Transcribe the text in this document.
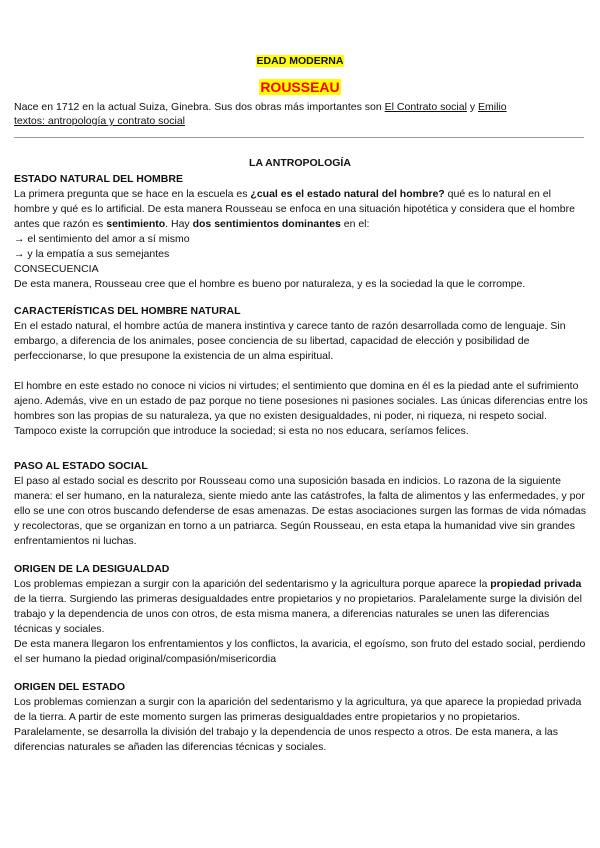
EDAD MODERNA
ROUSSEAU
Nace en 1712 en la actual Suiza, Ginebra. Sus dos obras más importantes son El Contrato social y Emilio
textos: antropología y contrato social
LA ANTROPOLOGÍA

ESTADO NATURAL DEL HOMBRE

La primera pregunta que se hace en la escuela es ¿cual es el estado natural del hombre? qué es lo natural en el hombre y qué es lo artificial. De esta manera Rousseau se enfoca en una situación hipotética y considera que el hombre antes que razón es sentimiento. Hay dos sentimientos dominantes en el:

→ el sentimiento del amor a sí mismo

→ y la empatía a sus semejantes

CONSECUENCIA

De esta manera, Rousseau cree que el hombre es bueno por naturaleza, y es la sociedad la que le corrompe.

CARACTERÍSTICAS DEL HOMBRE NATURAL

En el estado natural, el hombre actúa de manera instintiva y carece tanto de razón desarrollada como de lenguaje. Sin embargo, a diferencia de los animales, posee conciencia de su libertad, capacidad de elección y posibilidad de perfeccionarse, lo que presupone la existencia de un alma espiritual.

El hombre en este estado no conoce ni vicios ni virtudes; el sentimiento que domina en él es la piedad ante el sufrimiento ajeno. Además, vive en un estado de paz porque no tiene posesiones ni pasiones sociales. Las únicas diferencias entre los hombres son las propias de su naturaleza, ya que no existen desigualdades, ni poder, ni riqueza, ni respeto social. Tampoco existe la corrupción que introduce la sociedad; si esta no nos educara, seríamos felices.

PASO AL ESTADO SOCIAL

El paso al estado social es descrito por Rousseau como una suposición basada en indicios. Lo razona de la siguiente manera: el ser humano, en la naturaleza, siente miedo ante las catástrofes, la falta de alimentos y las enfermedades, y por ello se une con otros buscando defenderse de esas amenazas. De estas asociaciones surgen las formas de vida nómadas y recolectoras, que se organizan en torno a un patriarca. Según Rousseau, en esta etapa la humanidad vive sin grandes enfrentamientos ni luchas.

ORIGEN DE LA DESIGUALDAD

Los problemas empiezan a surgir con la aparición del sedentarismo y la agricultura porque aparece la propiedad privada de la tierra. Surgiendo las primeras desigualdades entre propietarios y no propietarios. Paralelamente surge la división del trabajo y la dependencia de unos con otros, de esta misma manera, a diferencias naturales se unen las diferencias técnicas y sociales.

De esta manera llegaron los enfrentamientos y los conflictos, la avaricia, el egoísmo, son fruto del estado social, perdiendo el ser humano la piedad original/compasión/misericordia

ORIGEN DEL ESTADO

Los problemas comienzan a surgir con la aparición del sedentarismo y la agricultura, ya que aparece la propiedad privada de la tierra. A partir de este momento surgen las primeras desigualdades entre propietarios y no propietarios. Paralelamente, se desarrolla la división del trabajo y la dependencia de unos respecto a otros. De esta manera, a las diferencias naturales se añaden las diferencias técnicas y sociales.
